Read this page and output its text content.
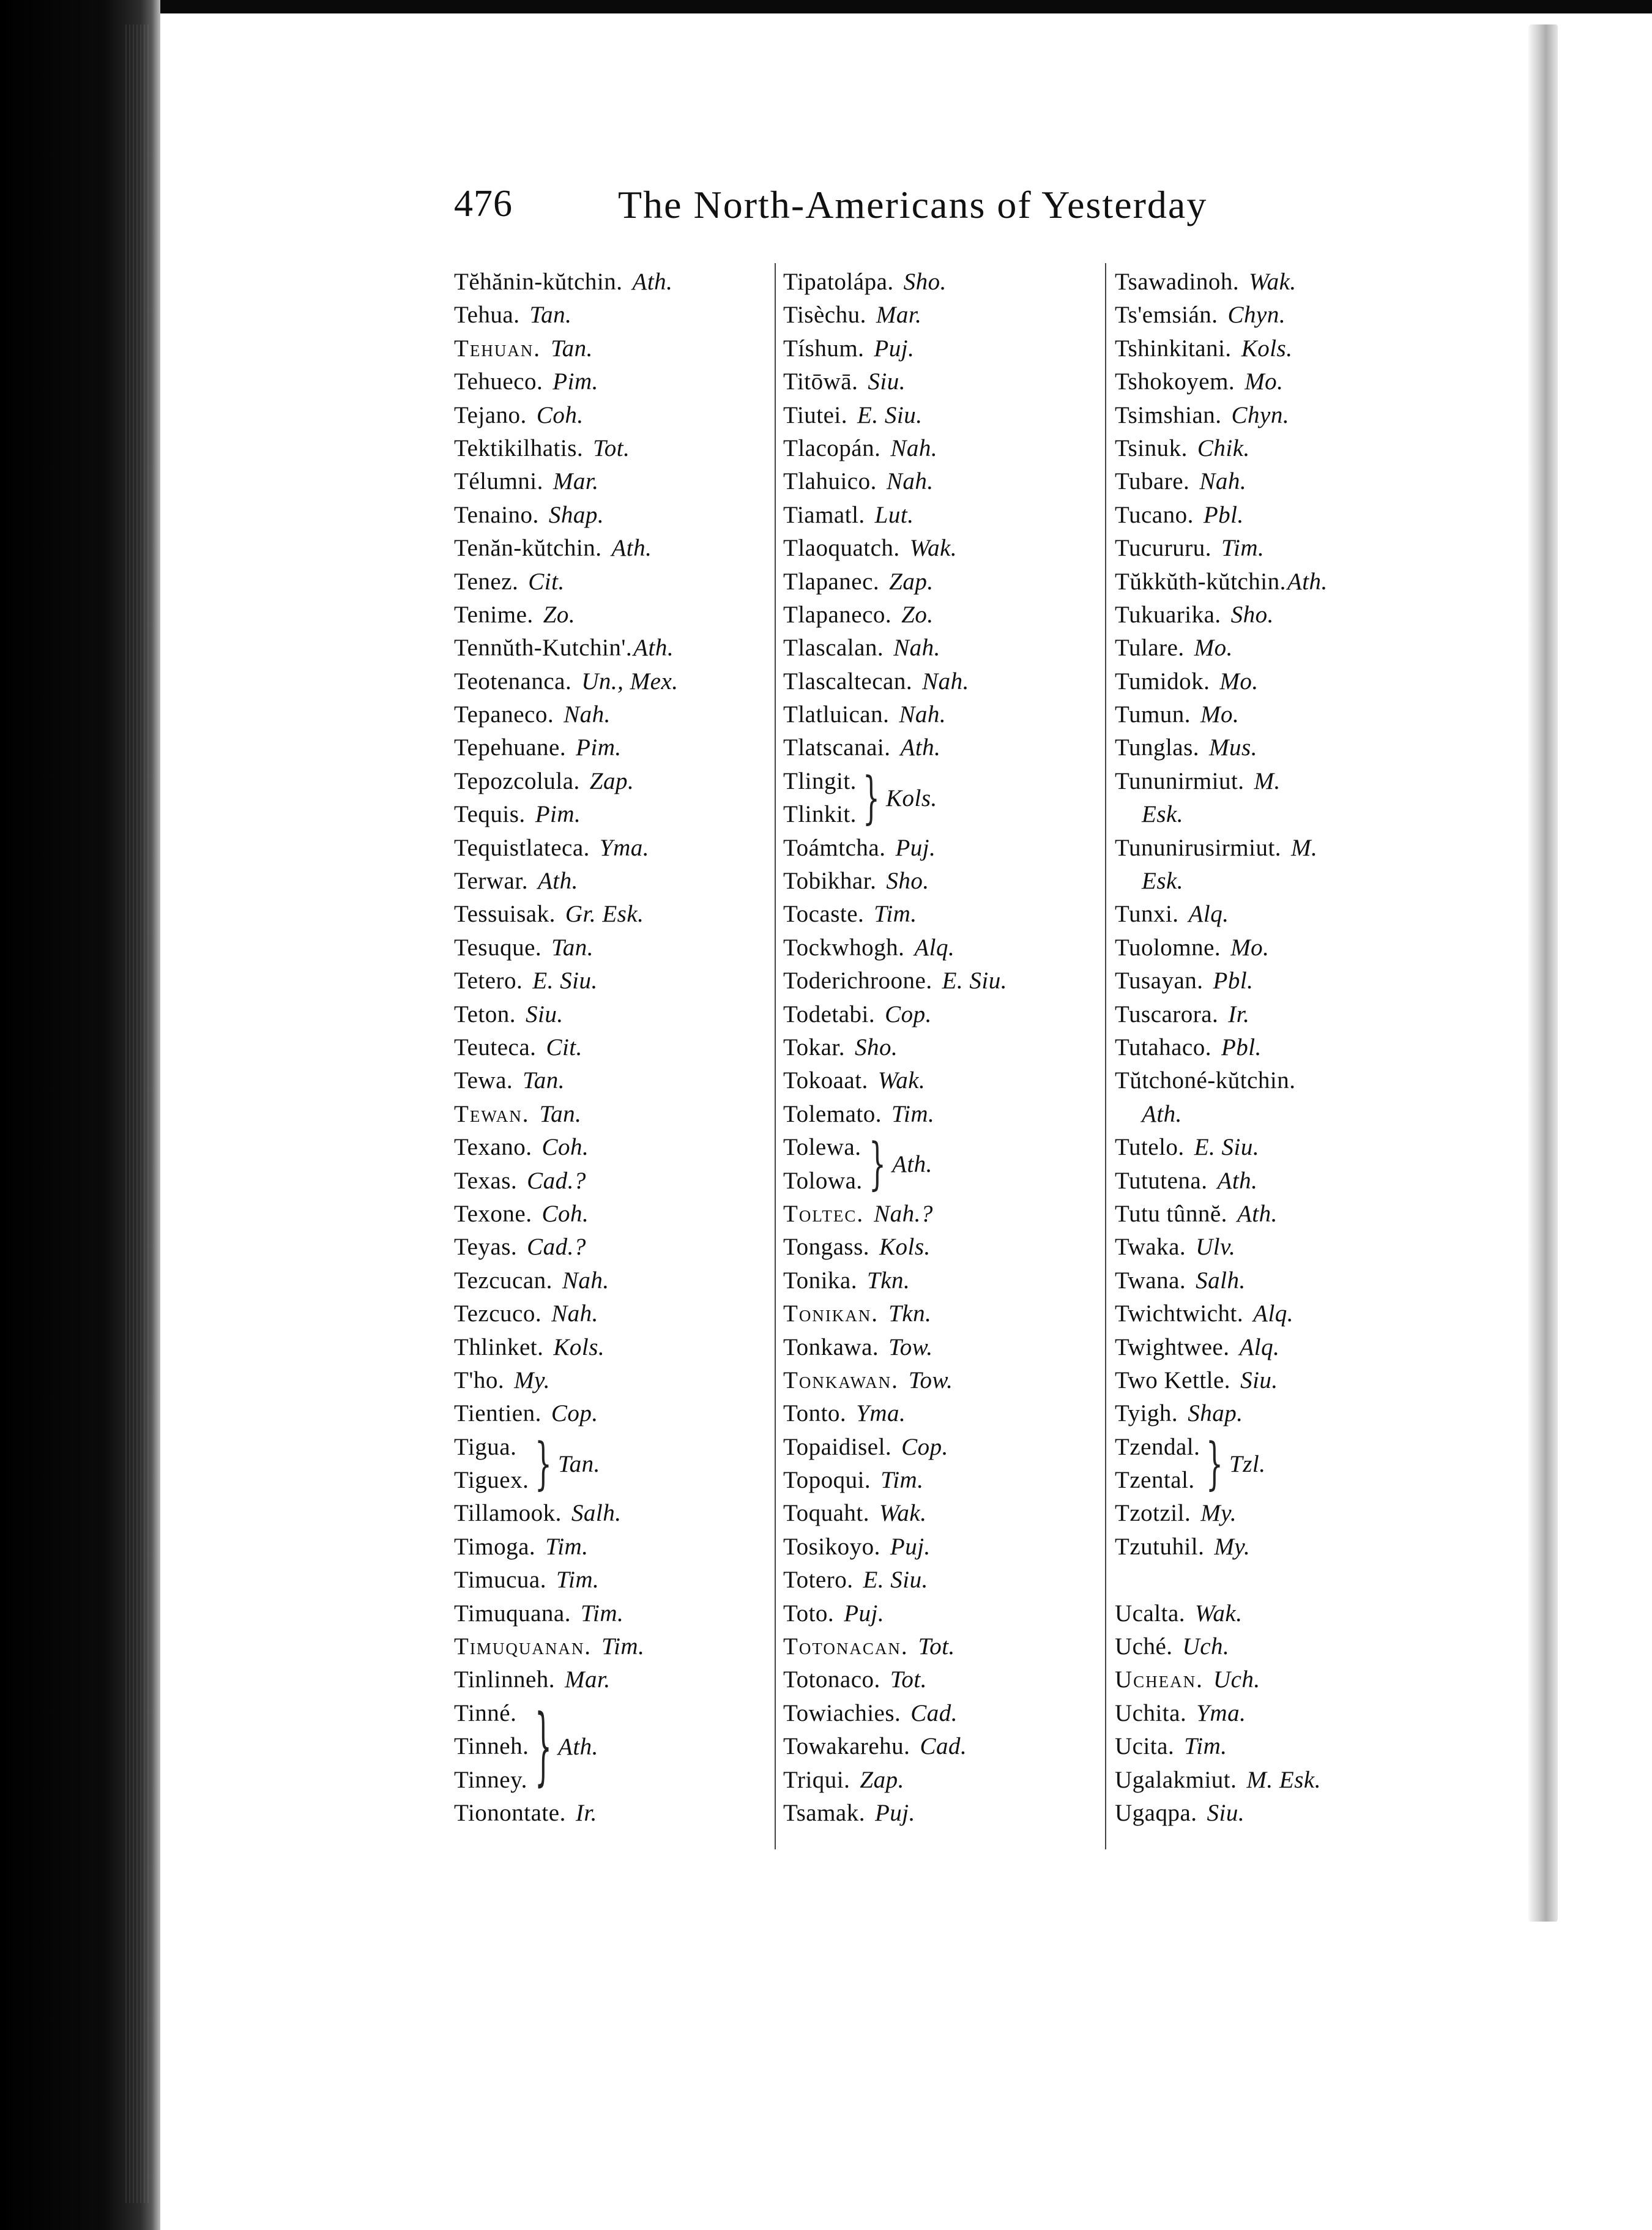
476	The North-Americans of Yesterday
Tĕhănin-kŭtchin. Ath.
Tehua. Tan.
Tehuan. Tan.
Tehueco. Pim.
Tejano. Coh.
Tektikilhatis. Tot.
Télumni. Mar.
Tenaino. Shap.
Tenăn-kŭtchin. Ath.
Tenez. Cit.
Tenime. Zo.
Tennŭth-Kutchin'.Ath.
Teotenanca. Un., Mex.
Tepaneco. Nah.
Tepehuane. Pim.
Tepozcolula. Zap.
Tequis. Pim.
Tequistlateca. Yma.
Terwar. Ath.
Tessuisak. Gr. Esk.
Tesuque. Tan.
Tetero. E. Siu.
Teton. Siu.
Teuteca. Cit.
Tewa. Tan.
Tewan. Tan.
Texano. Coh.
Texas. Cad.?
Texone. Coh.
Teyas. Cad.?
Tezcucan. Nah.
Tezcuco. Nah.
Thlinket. Kols.
T'ho. My.
Tientien. Cop.
Tigua.
Tiguex.
Tillamook. Salh.
Timoga. Tim.
Timucua. Tim.
Timuquana. Tim.
Timuquanan. Tim.
Tinlinneh. Mar.
Tinné.
Tinneh.
Tinney.
Tionontate. Ir.
} Tan.
} Ath.
Tipatolápa. Sho.
Tisèchu. Mar.
Tíshum. Puj.
Titōwā. Siu.
Tiutei. E. Siu.
Tlacopán. Nah.
Tlahuico. Nah.
Tiamatl. Lut.
Tlaoquatch. Wak.
Tlapanec. Zap.
Tlapaneco. Zo.
Tlascalan. Nah.
Tlascaltecan. Nah.
Tlatluican. Nah.
Tlatscanai. Ath.
Tlingit.
Tlinkit.
Toámtcha. Puj.
Tobikhar. Sho.
Tocaste. Tim.
Tockwhogh. Alq.
Toderichroone. E. Siu.
Todetabi. Cop.
Tokar. Sho.
Tokoaat. Wak.
Tolemato. Tim.
Tolewa.
Tolowa.
Toltec. Nah.?
Tongass. Kols.
Tonika. Tkn.
Tonikan. Tkn.
Tonkawa. Tow.
Tonkawan. Tow.
Tonto. Yma.
Topaidisel. Cop.
Topoqui. Tim.
Toquaht. Wak.
Tosikoyo. Puj.
Totero. E. Siu.
Toto. Puj.
Totonacan. Tot.
Totonaco. Tot.
Towiachies. Cad.
Towakarehu. Cad.
Triqui. Zap.
Tsamak. Puj.
} Kols.
} Ath.
Tsawadinoh. Wak.
Ts'emsián. Chyn.
Tshinkitani. Kols.
Tshokoyem. Mo.
Tsimshian. Chyn.
Tsinuk. Chik.
Tubare. Nah.
Tucano. Pbl.
Tucururu. Tim.
Tŭkkŭth-kŭtchin.Ath.
Tukuarika. Sho.
Tulare. Mo.
Tumidok. Mo.
Tumun. Mo.
Tunglas. Mus.
Tununirmiut. M.
Esk.
Tununirusirmiut. M.
Esk.
Tunxi. Alq.
Tuolomne. Mo.
Tusayan. Pbl.
Tuscarora. Ir.
Tutahaco. Pbl.
Tŭtchoné-kŭtchin.
Ath.
Tutelo. E. Siu.
Tututena. Ath.
Tutu tûnnĕ. Ath.
Twaka. Ulv.
Twana. Salh.
Twichtwicht. Alq.
Twightwee. Alq.
Two Kettle. Siu.
Tyigh. Shap.
Tzendal.
Tzental.
Tzotzil. My.
Tzutuhil. My.
Ucalta. Wak.
Uché. Uch.
Uchean. Uch.
Uchita. Yma.
Ucita. Tim.
Ugalakmiut. M. Esk.
Ugaqpa. Siu.
} Tzl.
